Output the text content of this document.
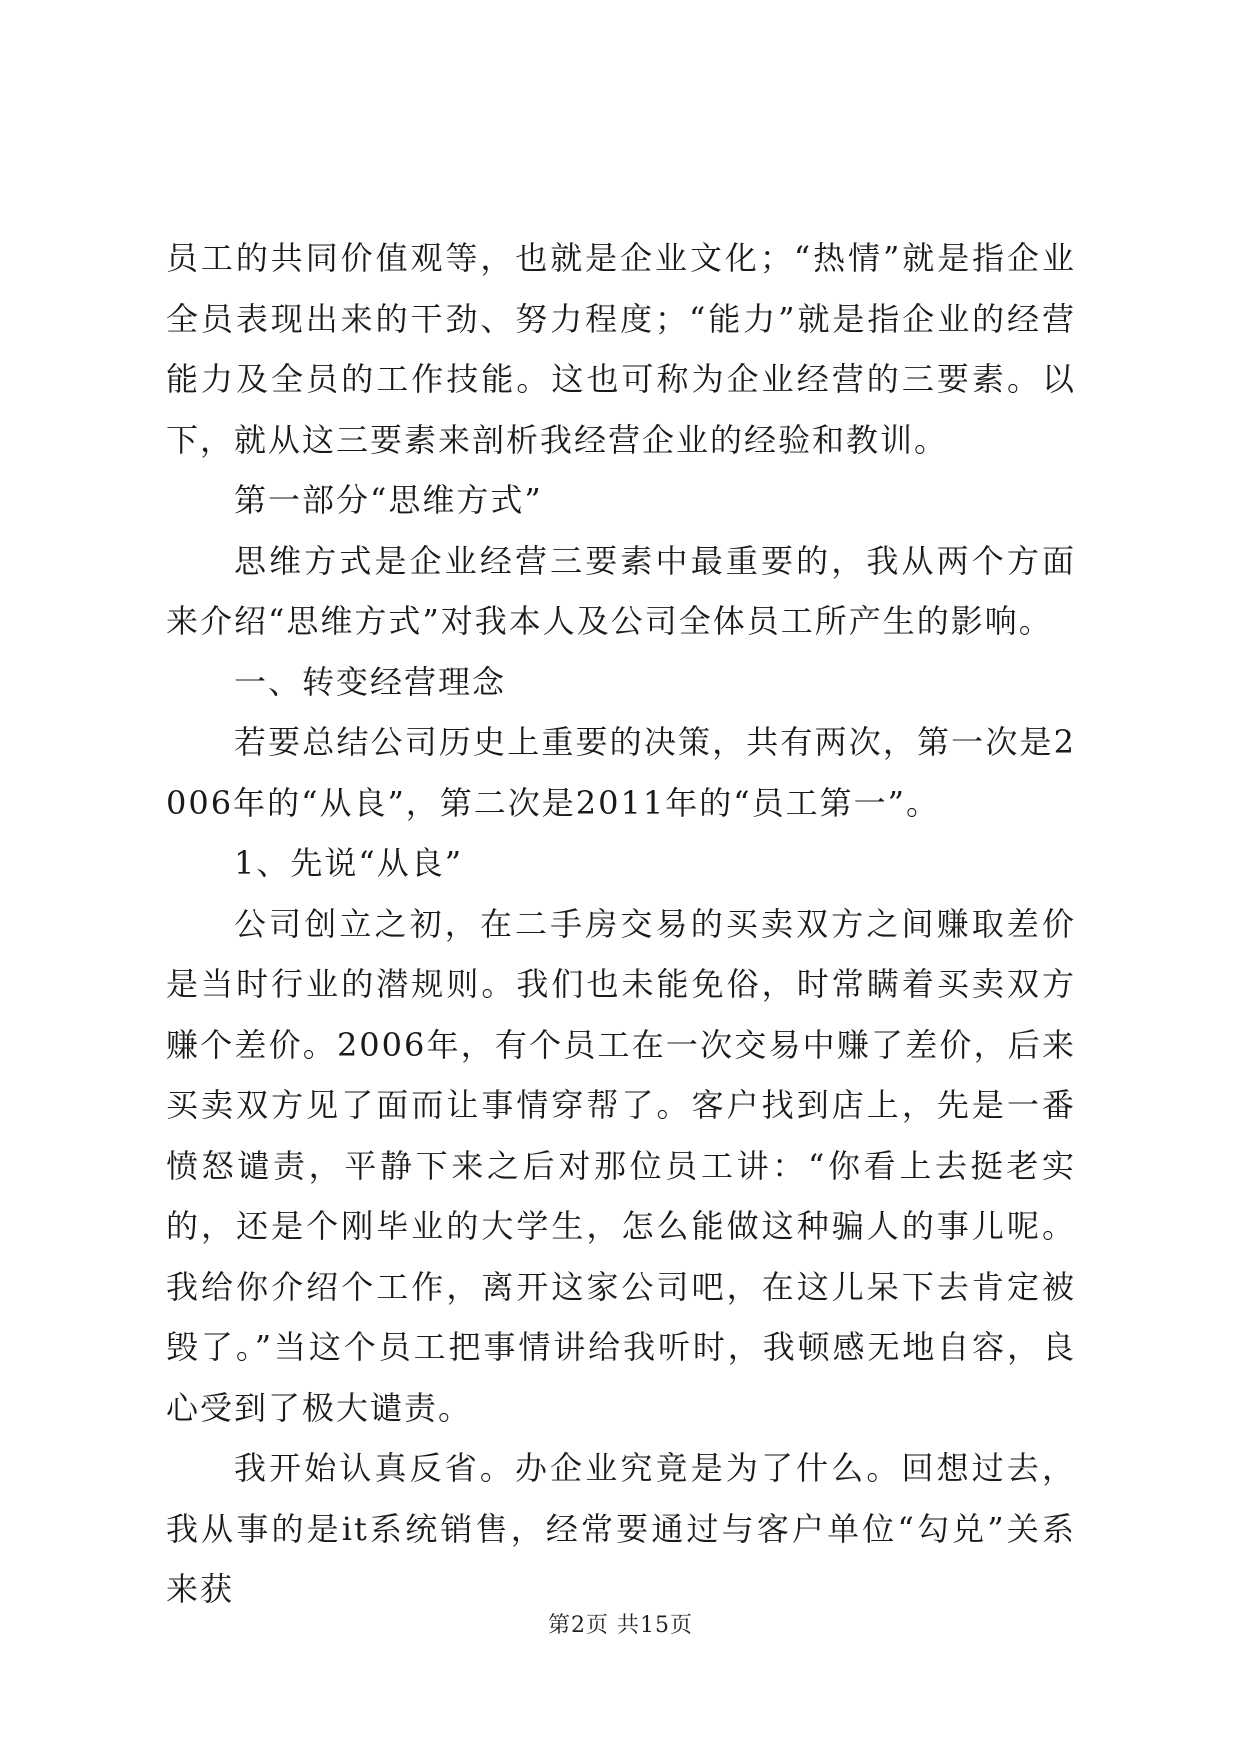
员工的共同价值观等，也就是企业文化；“热情”就是指企业全员表现出来的干劲、努力程度；“能力”就是指企业的经营能力及全员的工作技能。这也可称为企业经营的三要素。以下，就从这三要素来剖析我经营企业的经验和教训。

第一部分“思维方式”

思维方式是企业经营三要素中最重要的，我从两个方面来介绍“思维方式”对我本人及公司全体员工所产生的影响。

一、转变经营理念

若要总结公司历史上重要的决策，共有两次，第一次是2006年的“从良”，第二次是2011年的“员工第一”。

1、先说“从良”

公司创立之初，在二手房交易的买卖双方之间赚取差价是当时行业的潜规则。我们也未能免俗，时常瞒着买卖双方赚个差价。2006年，有个员工在一次交易中赚了差价，后来买卖双方见了面而让事情穿帮了。客户找到店上，先是一番愤怒谴责，平静下来之后对那位员工讲：“你看上去挺老实的，还是个刚毕业的大学生，怎么能做这种骗人的事儿呢。我给你介绍个工作，离开这家公司吧，在这儿呆下去肯定被毁了。”当这个员工把事情讲给我听时，我顿感无地自容，良心受到了极大谴责。

我开始认真反省。办企业究竟是为了什么。回想过去，我从事的是it系统销售，经常要通过与客户单位“勾兑”关系来获

第2页 共15页
